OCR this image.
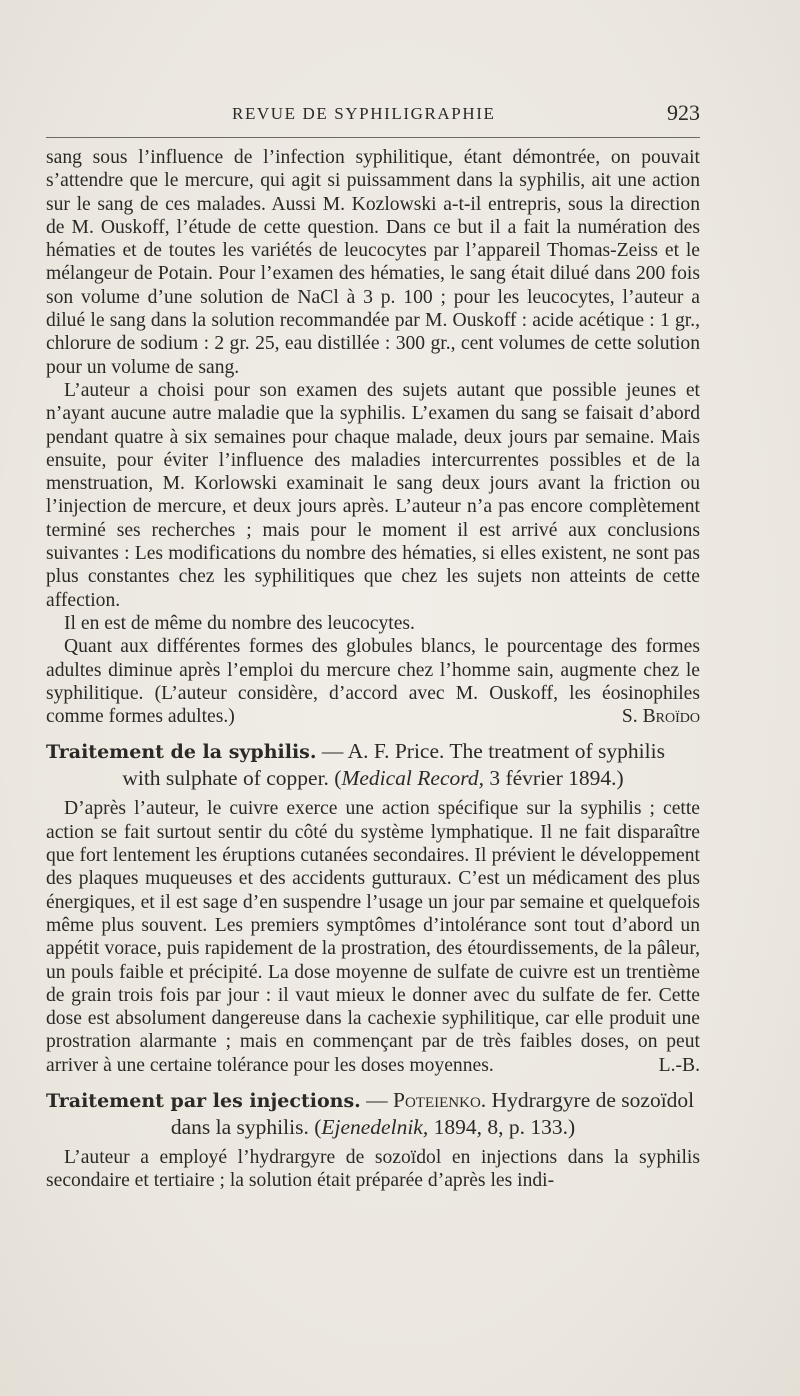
REVUE DE SYPHILIGRAPHIE	923

sang sous l’influence de l’infection syphilitique, étant démontrée, on pouvait s’attendre que le mercure, qui agit si puissamment dans la syphilis, ait une action sur le sang de ces malades. Aussi M. Kozlowski a-t-il entrepris, sous la direction de M. Ouskoff, l’étude de cette question. Dans ce but il a fait la numération des hématies et de toutes les variétés de leucocytes par l’appareil Thomas-Zeiss et le mélangeur de Potain. Pour l’examen des hématies, le sang était dilué dans 200 fois son volume d’une solution de NaCl à 3 p. 100 ; pour les leucocytes, l’auteur a dilué le sang dans la solution recommandée par M. Ouskoff : acide acétique : 1 gr., chlorure de sodium : 2 gr. 25, eau distillée : 300 gr., cent volumes de cette solution pour un volume de sang.

L’auteur a choisi pour son examen des sujets autant que possible jeunes et n’ayant aucune autre maladie que la syphilis. L’examen du sang se faisait d’abord pendant quatre à six semaines pour chaque malade, deux jours par semaine. Mais ensuite, pour éviter l’influence des maladies intercurrentes possibles et de la menstruation, M. Korlowski examinait le sang deux jours avant la friction ou l’injection de mercure, et deux jours après. L’auteur n’a pas encore complètement terminé ses recherches ; mais pour le moment il est arrivé aux conclusions suivantes : Les modifications du nombre des hématies, si elles existent, ne sont pas plus constantes chez les syphilitiques que chez les sujets non atteints de cette affection.

Il en est de même du nombre des leucocytes.

Quant aux différentes formes des globules blancs, le pourcentage des formes adultes diminue après l’emploi du mercure chez l’homme sain, augmente chez le syphilitique. (L’auteur considère, d’accord avec M. Ouskoff, les éosinophiles comme formes adultes.)	S. Broïdo

Traitement de la syphilis. — A. F. Price. The treatment of syphilis
with sulphate of copper. (Medical Record, 3 février 1894.)

D’après l’auteur, le cuivre exerce une action spécifique sur la syphilis ; cette action se fait surtout sentir du côté du système lymphatique. Il ne fait disparaître que fort lentement les éruptions cutanées secondaires. Il prévient le développement des plaques muqueuses et des accidents gutturaux. C’est un médicament des plus énergiques, et il est sage d’en suspendre l’usage un jour par semaine et quelquefois même plus souvent. Les premiers symptômes d’intolérance sont tout d’abord un appétit vorace, puis rapidement de la prostration, des étourdissements, de la pâleur, un pouls faible et précipité. La dose moyenne de sulfate de cuivre est un trentième de grain trois fois par jour : il vaut mieux le donner avec du sulfate de fer. Cette dose est absolument dangereuse dans la cachexie syphilitique, car elle produit une prostration alarmante ; mais en commençant par de très faibles doses, on peut arriver à une certaine tolérance pour les doses moyennes.	L.-B.

Traitement par les injections. — Poteienko. Hydrargyre de sozoïdol
dans la syphilis. (Ejenedelnik, 1894, 8, p. 133.)

L’auteur a employé l’hydrargyre de sozoïdol en injections dans la syphilis secondaire et tertiaire ; la solution était préparée d’après les indi-
